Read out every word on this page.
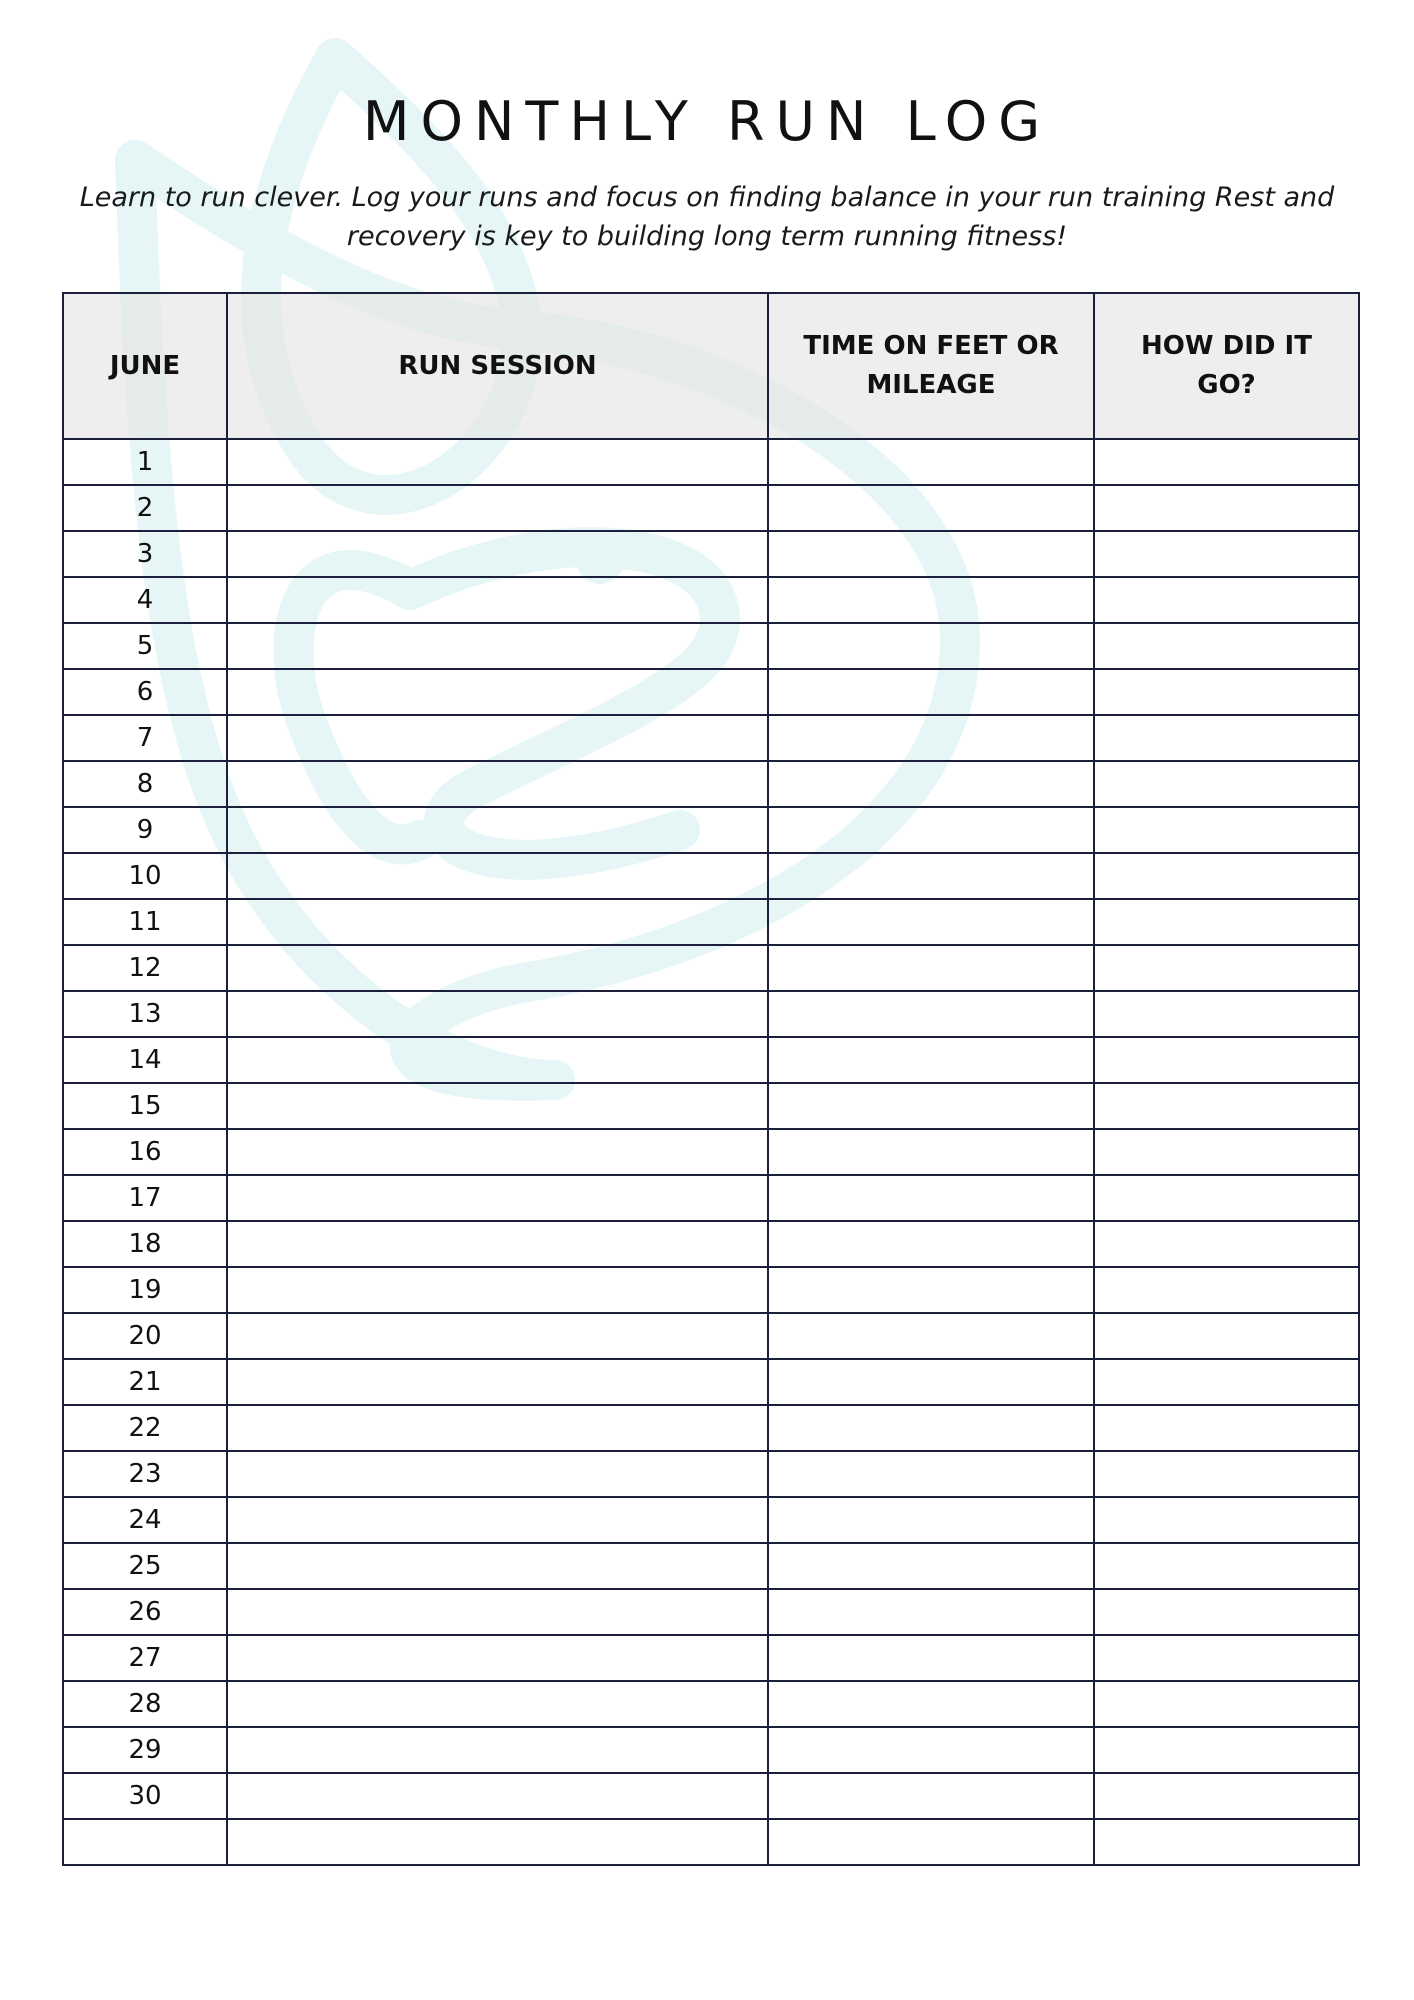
MONTHLY RUN LOG

Learn to run clever. Log your runs and focus on finding balance in your run training Rest and recovery is key to building long term running fitness!

JUNE	RUN SESSION	TIME ON FEET OR MILEAGE	HOW DID IT GO?
1			
2			
3			
4			
5			
6			
7			
8			
9			
10			
11			
12			
13			
14			
15			
16			
17			
18			
19			
20			
21			
22			
23			
24			
25			
26			
27			
28			
29			
30			
